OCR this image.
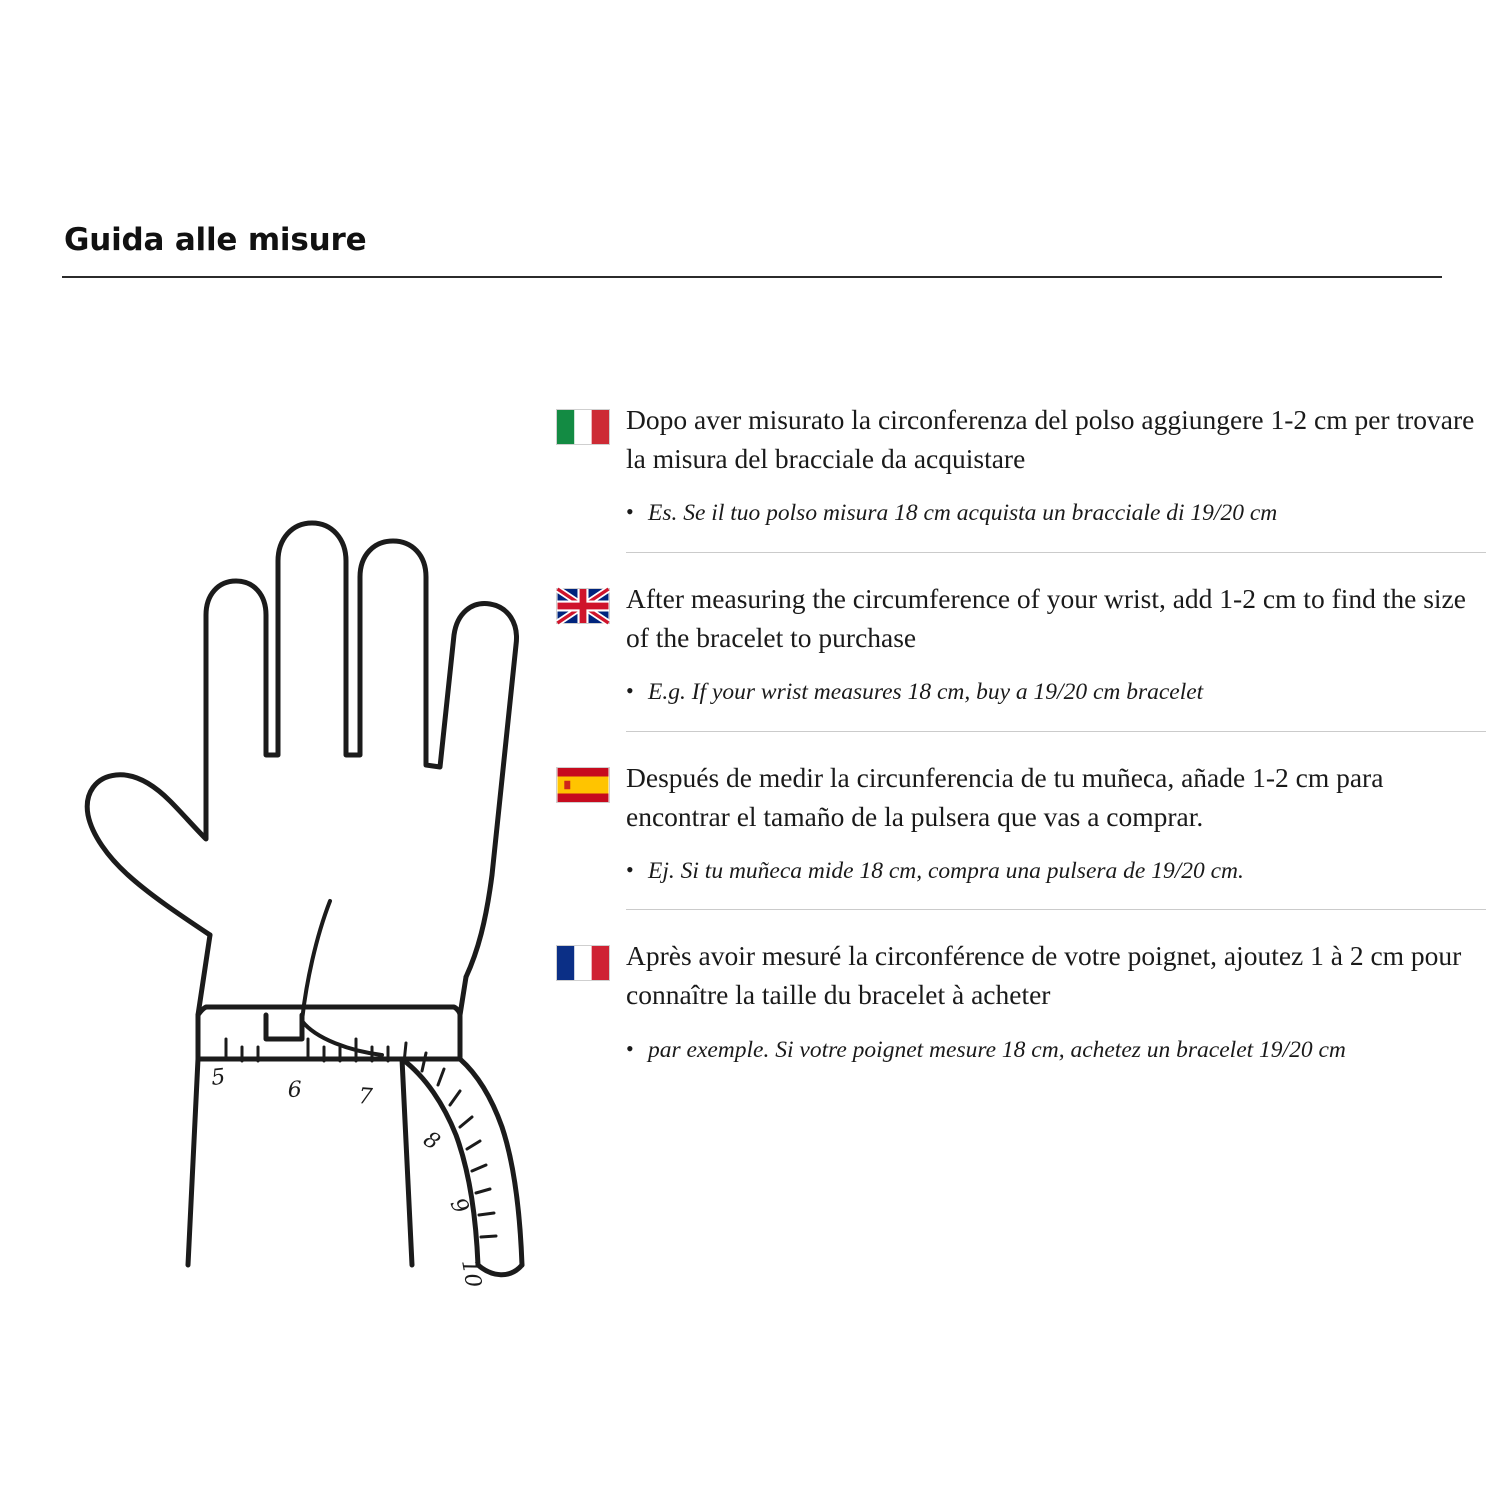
Guida alle misure
5	6	7
8
9
10

Dopo aver misurato la circonferenza del polso aggiungere 1-2 cm per trovare la misura del bracciale da acquistare

• Es. Se il tuo polso misura 18 cm acquista un bracciale di 19/20 cm

After measuring the circumference of your wrist, add 1-2 cm to find the size of the bracelet to purchase

• E.g. If your wrist measures 18 cm, buy a 19/20 cm bracelet

Después de medir la circunferencia de tu muñeca, añade 1-2 cm para encontrar el tamaño de la pulsera que vas a comprar.

• Ej. Si tu muñeca mide 18 cm, compra una pulsera de 19/20 cm.

Après avoir mesuré la circonférence de votre poignet, ajoutez 1 à 2 cm pour connaître la taille du bracelet à acheter

• par exemple. Si votre poignet mesure 18 cm, achetez un bracelet 19/20 cm
